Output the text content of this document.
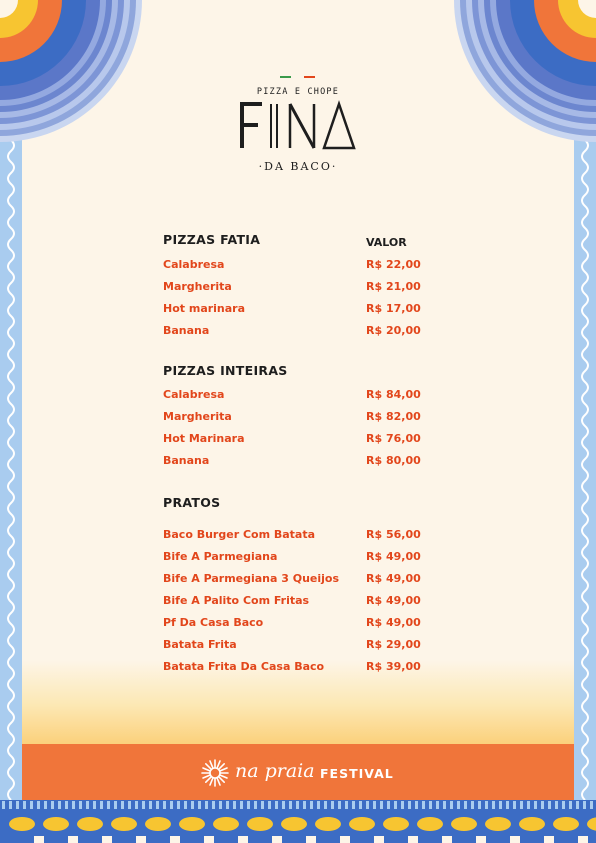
PIZZA E CHOPE
·DA BACO·
PIZZAS FATIA	VALOR
Calabresa	R$ 22,00
Margherita	R$ 21,00
Hot marinara	R$ 17,00
Banana	R$ 20,00
PIZZAS INTEIRAS
Calabresa	R$ 84,00
Margherita	R$ 82,00
Hot Marinara	R$ 76,00
Banana	R$ 80,00
PRATOS
Baco Burger Com Batata	R$ 56,00
Bife A Parmegiana	R$ 49,00
Bife A Parmegiana 3 Queijos R$ 49,00
Bife A Palito Com Fritas	R$ 49,00
Pf Da Casa Baco	R$ 49,00
Batata Frita	R$ 29,00
Batata Frita Da Casa Baco	R$ 39,00
na praia FESTIVAL
